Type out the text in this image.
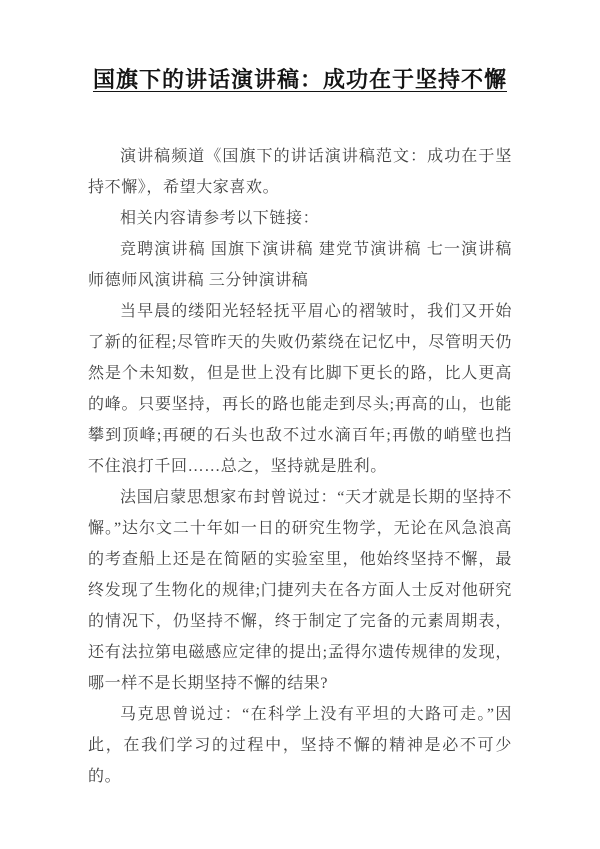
国旗下的讲话演讲稿：成功在于坚持不懈

演讲稿频道《国旗下的讲话演讲稿范文：成功在于坚持不懈》，希望大家喜欢。

相关内容请参考以下链接：

竞聘演讲稿 国旗下演讲稿 建党节演讲稿 七一演讲稿 师德师风演讲稿 三分钟演讲稿

当早晨的缕阳光轻轻抚平眉心的褶皱时，我们又开始了新的征程;尽管昨天的失败仍萦绕在记忆中，尽管明天仍然是个未知数，但是世上没有比脚下更长的路，比人更高的峰。只要坚持，再长的路也能走到尽头;再高的山，也能攀到顶峰;再硬的石头也敌不过水滴百年;再傲的峭壁也挡不住浪打千回……总之，坚持就是胜利。

法国启蒙思想家布封曾说过：“天才就是长期的坚持不懈。”达尔文二十年如一日的研究生物学，无论在风急浪高的考查船上还是在简陋的实验室里，他始终坚持不懈，最终发现了生物化的规律;门捷列夫在各方面人士反对他研究的情况下，仍坚持不懈，终于制定了完备的元素周期表，还有法拉第电磁感应定律的提出;孟得尔遗传规律的发现，哪一样不是长期坚持不懈的结果?

马克思曾说过：“在科学上没有平坦的大路可走。”因此，在我们学习的过程中，坚持不懈的精神是必不可少的。
